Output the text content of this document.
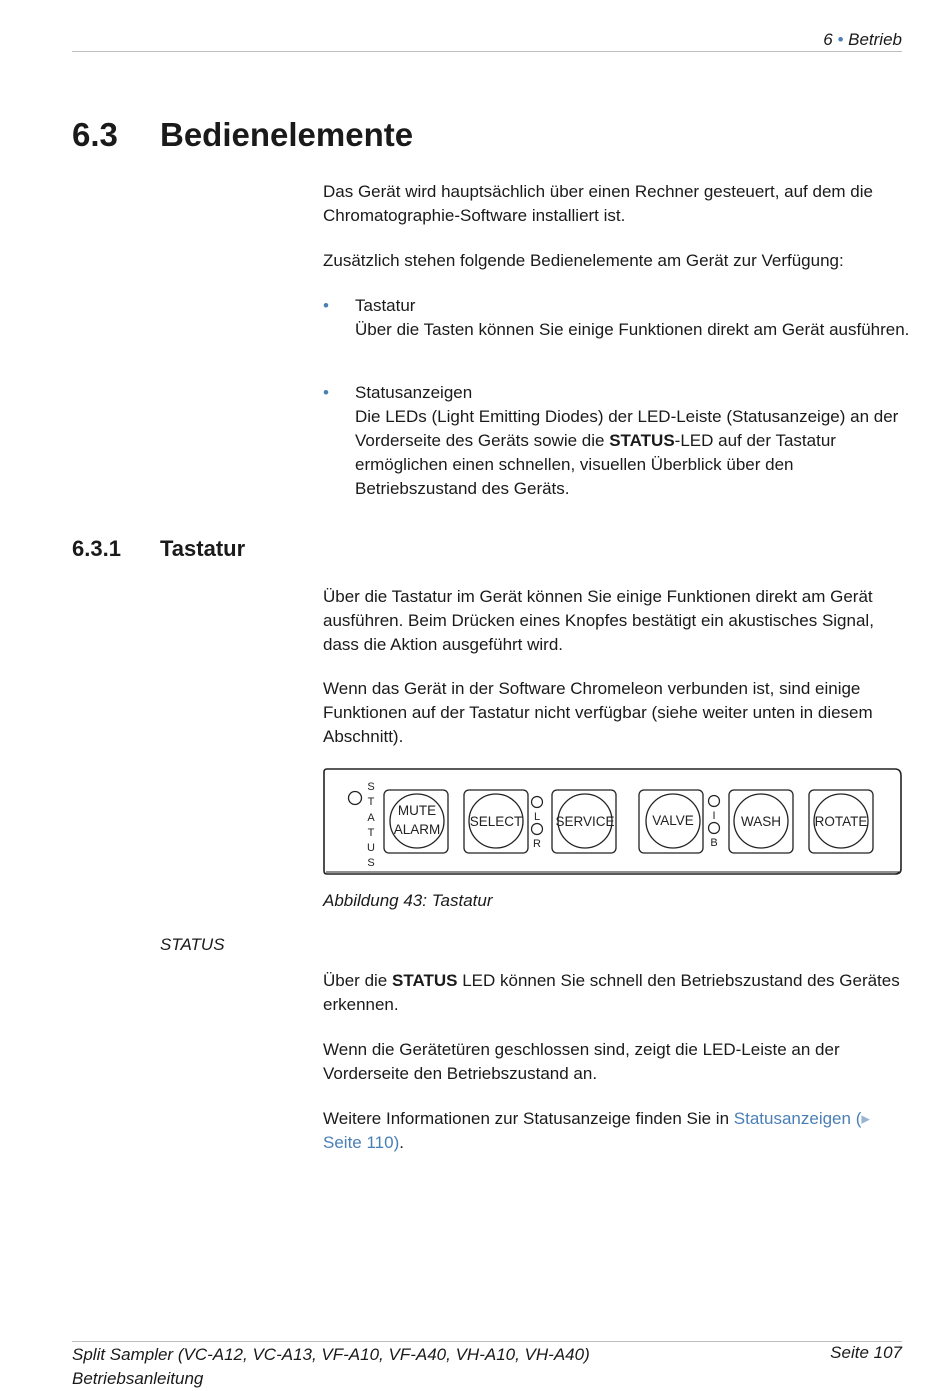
6 • Betrieb
6.3 Bedienelemente

Das Gerät wird hauptsächlich über einen Rechner gesteuert, auf dem die Chromatographie-Software installiert ist.

Zusätzlich stehen folgende Bedienelemente am Gerät zur Verfügung:

• Tastatur
Über die Tasten können Sie einige Funktionen direkt am Gerät ausführen.
• Statusanzeigen
Die LEDs (Light Emitting Diodes) der LED-Leiste (Statusanzeige) an der Vorderseite des Geräts sowie die STATUS-LED auf der Tastatur ermöglichen einen schnellen, visuellen Überblick über den Betriebszustand des Geräts.
6.3.1 Tastatur

Über die Tastatur im Gerät können Sie einige Funktionen direkt am Gerät ausführen. Beim Drücken eines Knopfes bestätigt ein akustisches Signal, dass die Aktion ausgeführt wird.

Wenn das Gerät in der Software Chromeleon verbunden ist, sind einige Funktionen auf der Tastatur nicht verfügbar (siehe weiter unten in diesem Abschnitt).

S
T
A
T
U
S
MUTE
ALARM
SELECT L
R
SERVICE	VALVE I
B
WASH ROTATE
Abbildung 43: Tastatur
STATUS

Über die STATUS LED können Sie schnell den Betriebszustand des Gerätes erkennen.

Wenn die Gerätetüren geschlossen sind, zeigt die LED-Leiste an der Vorderseite den Betriebszustand an.

Weitere Informationen zur Statusanzeige finden Sie in Statusanzeigen (▸ Seite 110).

Split Sampler (VC-A12, VC-A13, VF-A10, VF-A40, VH-A10, VH-A40)
Betriebsanleitung
Seite 107
